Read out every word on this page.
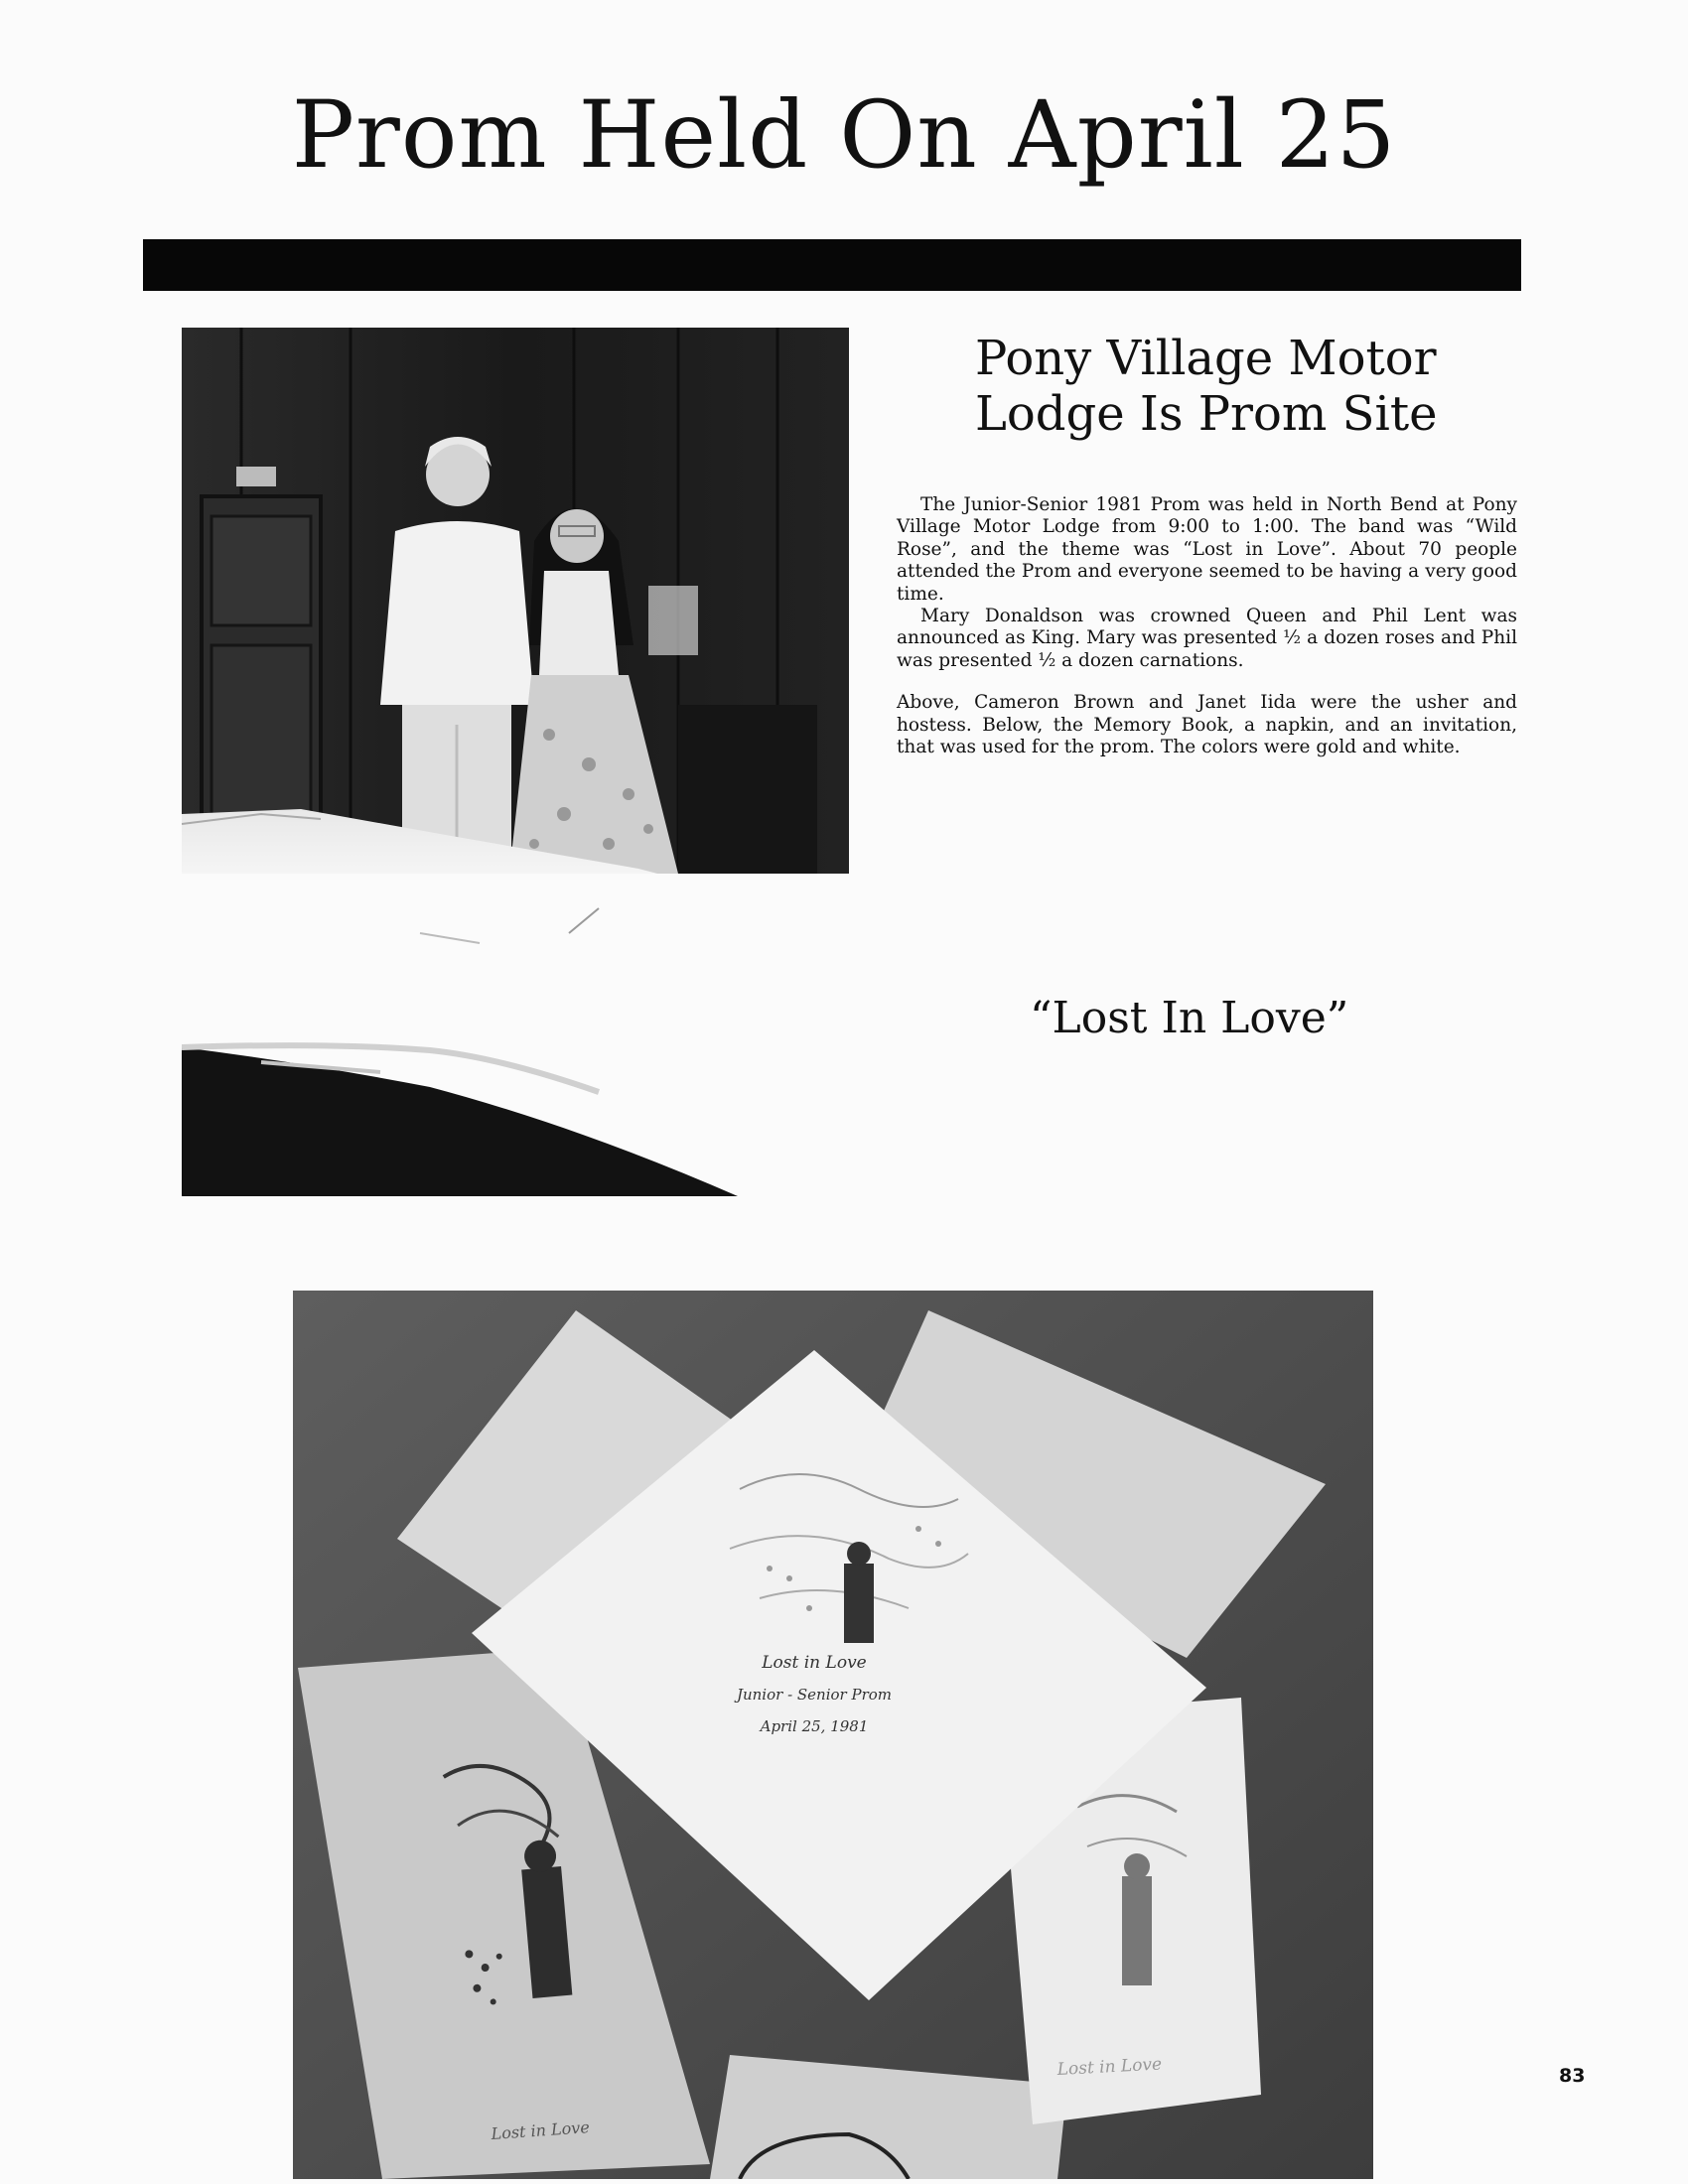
Prom Held On April 25
Pony Village Motor
Lodge Is Prom Site

The Junior-Senior 1981 Prom was held in North Bend at Pony Village Motor Lodge from 9:00 to 1:00. The band was “Wild Rose”, and the theme was “Lost in Love”. About 70 people attended the Prom and everyone seemed to be having a very good time.

Mary Donaldson was crowned Queen and Phil Lent was announced as King. Mary was presented ½ a dozen roses and Phil was presented ½ a dozen carnations.

Above, Cameron Brown and Janet Iida were the usher and hostess. Below, the Memory Book, a napkin, and an invitation, that was used for the prom. The colors were gold and white.

“Lost In Love”
Lost in Love
Lost in Love
Lost in Love
Junior - Senior Prom
April 25, 1981
83
